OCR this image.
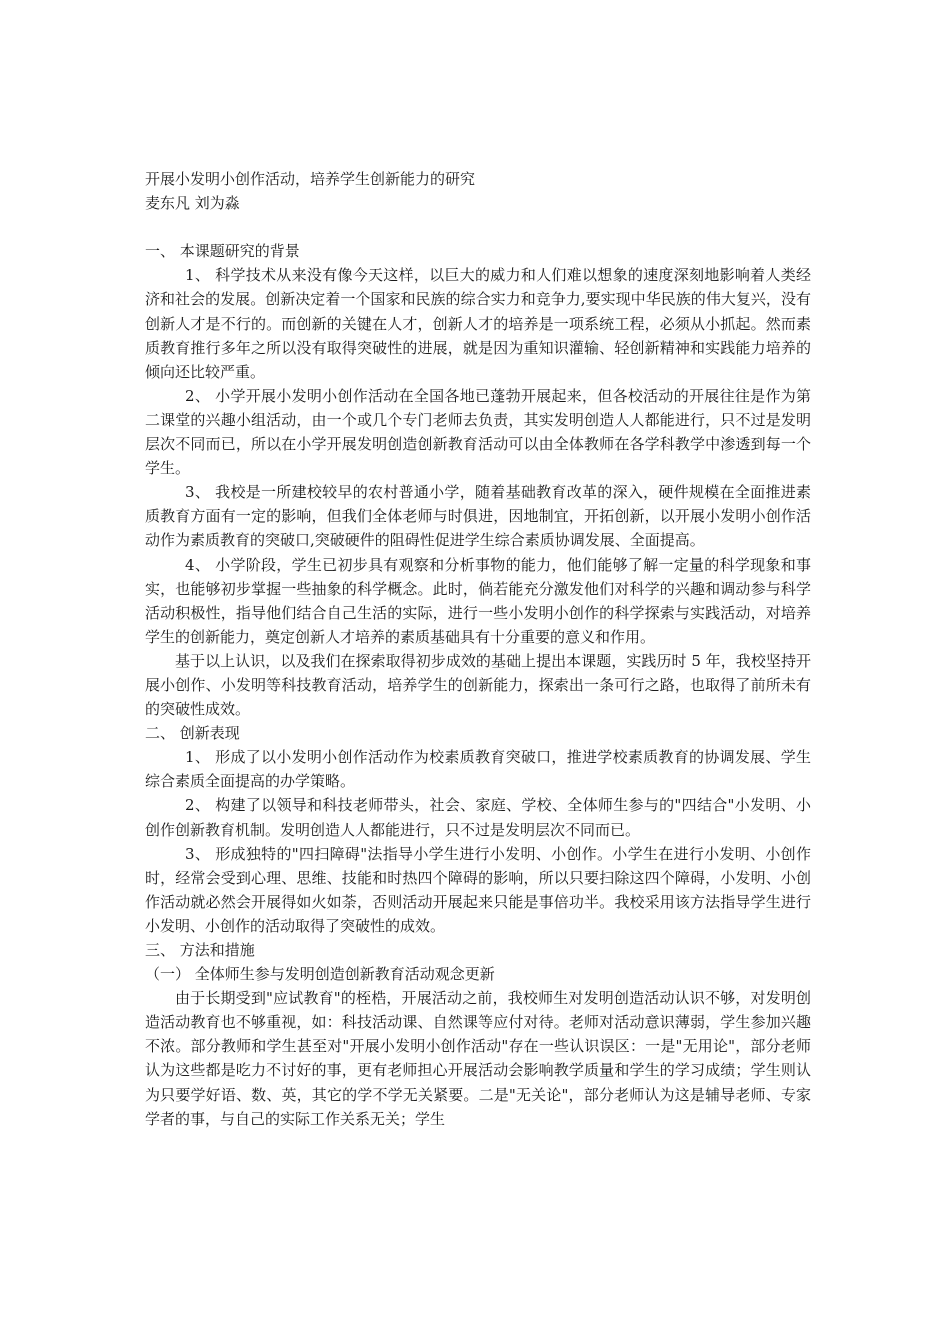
开展小发明小创作活动，培养学生创新能力的研究

麦东凡 刘为淼

一、 本课题研究的背景

1、 科学技术从来没有像今天这样，以巨大的威力和人们难以想象的速度深刻地影响着人类经济和社会的发展。创新决定着一个国家和民族的综合实力和竞争力,要实现中华民族的伟大复兴，没有创新人才是不行的。而创新的关键在人才，创新人才的培养是一项系统工程，必须从小抓起。然而素质教育推行多年之所以没有取得突破性的进展，就是因为重知识灌输、轻创新精神和实践能力培养的倾向还比较严重。

2、 小学开展小发明小创作活动在全国各地已蓬勃开展起来，但各校活动的开展往往是作为第二课堂的兴趣小组活动，由一个或几个专门老师去负责，其实发明创造人人都能进行，只不过是发明层次不同而已，所以在小学开展发明创造创新教育活动可以由全体教师在各学科教学中渗透到每一个学生。

3、 我校是一所建校较早的农村普通小学，随着基础教育改革的深入，硬件规模在全面推进素质教育方面有一定的影响，但我们全体老师与时俱进，因地制宜，开拓创新，以开展小发明小创作活动作为素质教育的突破口,突破硬件的阻碍性促进学生综合素质协调发展、全面提高。

4、 小学阶段，学生已初步具有观察和分析事物的能力，他们能够了解一定量的科学现象和事实，也能够初步掌握一些抽象的科学概念。此时，倘若能充分激发他们对科学的兴趣和调动参与科学活动积极性，指导他们结合自己生活的实际，进行一些小发明小创作的科学探索与实践活动，对培养学生的创新能力，奠定创新人才培养的素质基础具有十分重要的意义和作用。

基于以上认识，以及我们在探索取得初步成效的基础上提出本课题，实践历时 5 年，我校坚持开展小创作、小发明等科技教育活动，培养学生的创新能力，探索出一条可行之路，也取得了前所未有的突破性成效。

二、 创新表现

1、 形成了以小发明小创作活动作为校素质教育突破口，推进学校素质教育的协调发展、学生综合素质全面提高的办学策略。

2、 构建了以领导和科技老师带头，社会、家庭、学校、全体师生参与的"四结合"小发明、小创作创新教育机制。发明创造人人都能进行，只不过是发明层次不同而已。

3、 形成独特的"四扫障碍"法指导小学生进行小发明、小创作。小学生在进行小发明、小创作时，经常会受到心理、思维、技能和时热四个障碍的影响，所以只要扫除这四个障碍，小发明、小创作活动就必然会开展得如火如荼，否则活动开展起来只能是事倍功半。我校采用该方法指导学生进行小发明、小创作的活动取得了突破性的成效。

三、 方法和措施

（一） 全体师生参与发明创造创新教育活动观念更新

由于长期受到"应试教育"的桎梏，开展活动之前，我校师生对发明创造活动认识不够，对发明创造活动教育也不够重视，如：科技活动课、自然课等应付对待。老师对活动意识薄弱，学生参加兴趣不浓。部分教师和学生甚至对"开展小发明小创作活动"存在一些认识误区：一是"无用论"，部分老师认为这些都是吃力不讨好的事，更有老师担心开展活动会影响教学质量和学生的学习成绩；学生则认为只要学好语、数、英，其它的学不学无关紧要。二是"无关论"，部分老师认为这是辅导老师、专家学者的事，与自己的实际工作关系无关；学生
